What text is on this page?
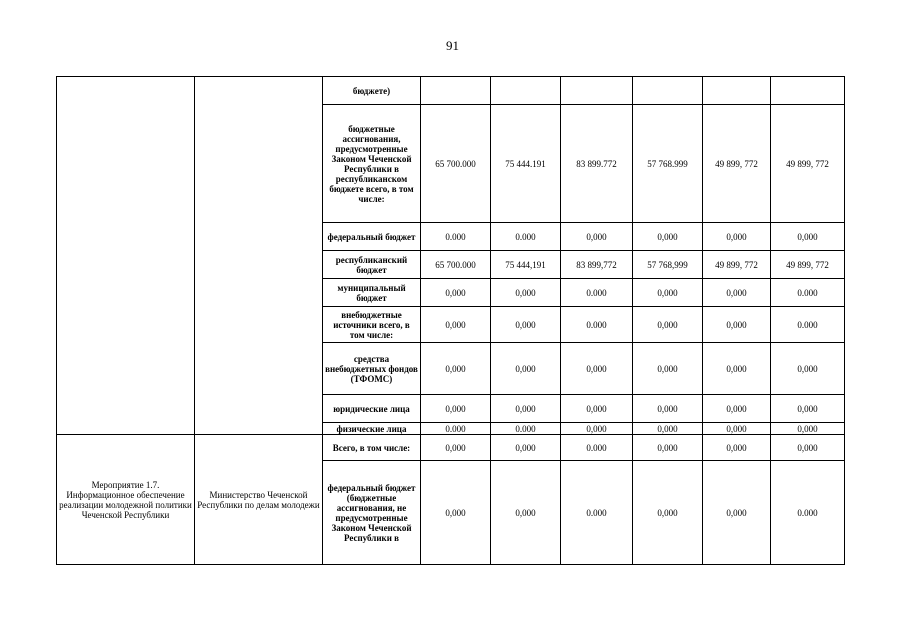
91
		бюджете)						
		бюджетные ассигнования, предусмотренные Законом Чеченской Республики в республиканском бюджете всего, в том числе:	65 700.000	75 444.191	83 899.772	57 768.999	49 899, 772	49 899, 772
		федеральный бюджет	0.000	0.000	0,000	0,000	0,000	0,000
		республиканский бюджет	65 700.000	75 444,191	83 899,772	57 768,999	49 899, 772	49 899, 772
		муниципальный бюджет	0,000	0,000	0.000	0,000	0,000	0.000
		внебюджетные источники всего, в том числе:	0,000	0,000	0.000	0,000	0,000	0.000
		средства внебюджетных фондов (ТФОМС)	0,000	0,000	0,000	0,000	0,000	0,000
		юридические лица	0,000	0,000	0,000	0,000	0,000	0,000
		физические лица	0.000	0.000	0,000	0,000	0,000	0,000
Мероприятие 1.7. Информационное обеспечение реализации молодежной политики Чеченской Республики	Министерство Чеченской Республики по делам молодежи	Всего, в том числе:	0,000	0,000	0.000	0,000	0,000	0,000
		федеральный бюджет (бюджетные ассигнования, не предусмотренные Законом Чеченской Республики в	0,000	0,000	0.000	0,000	0,000	0.000
